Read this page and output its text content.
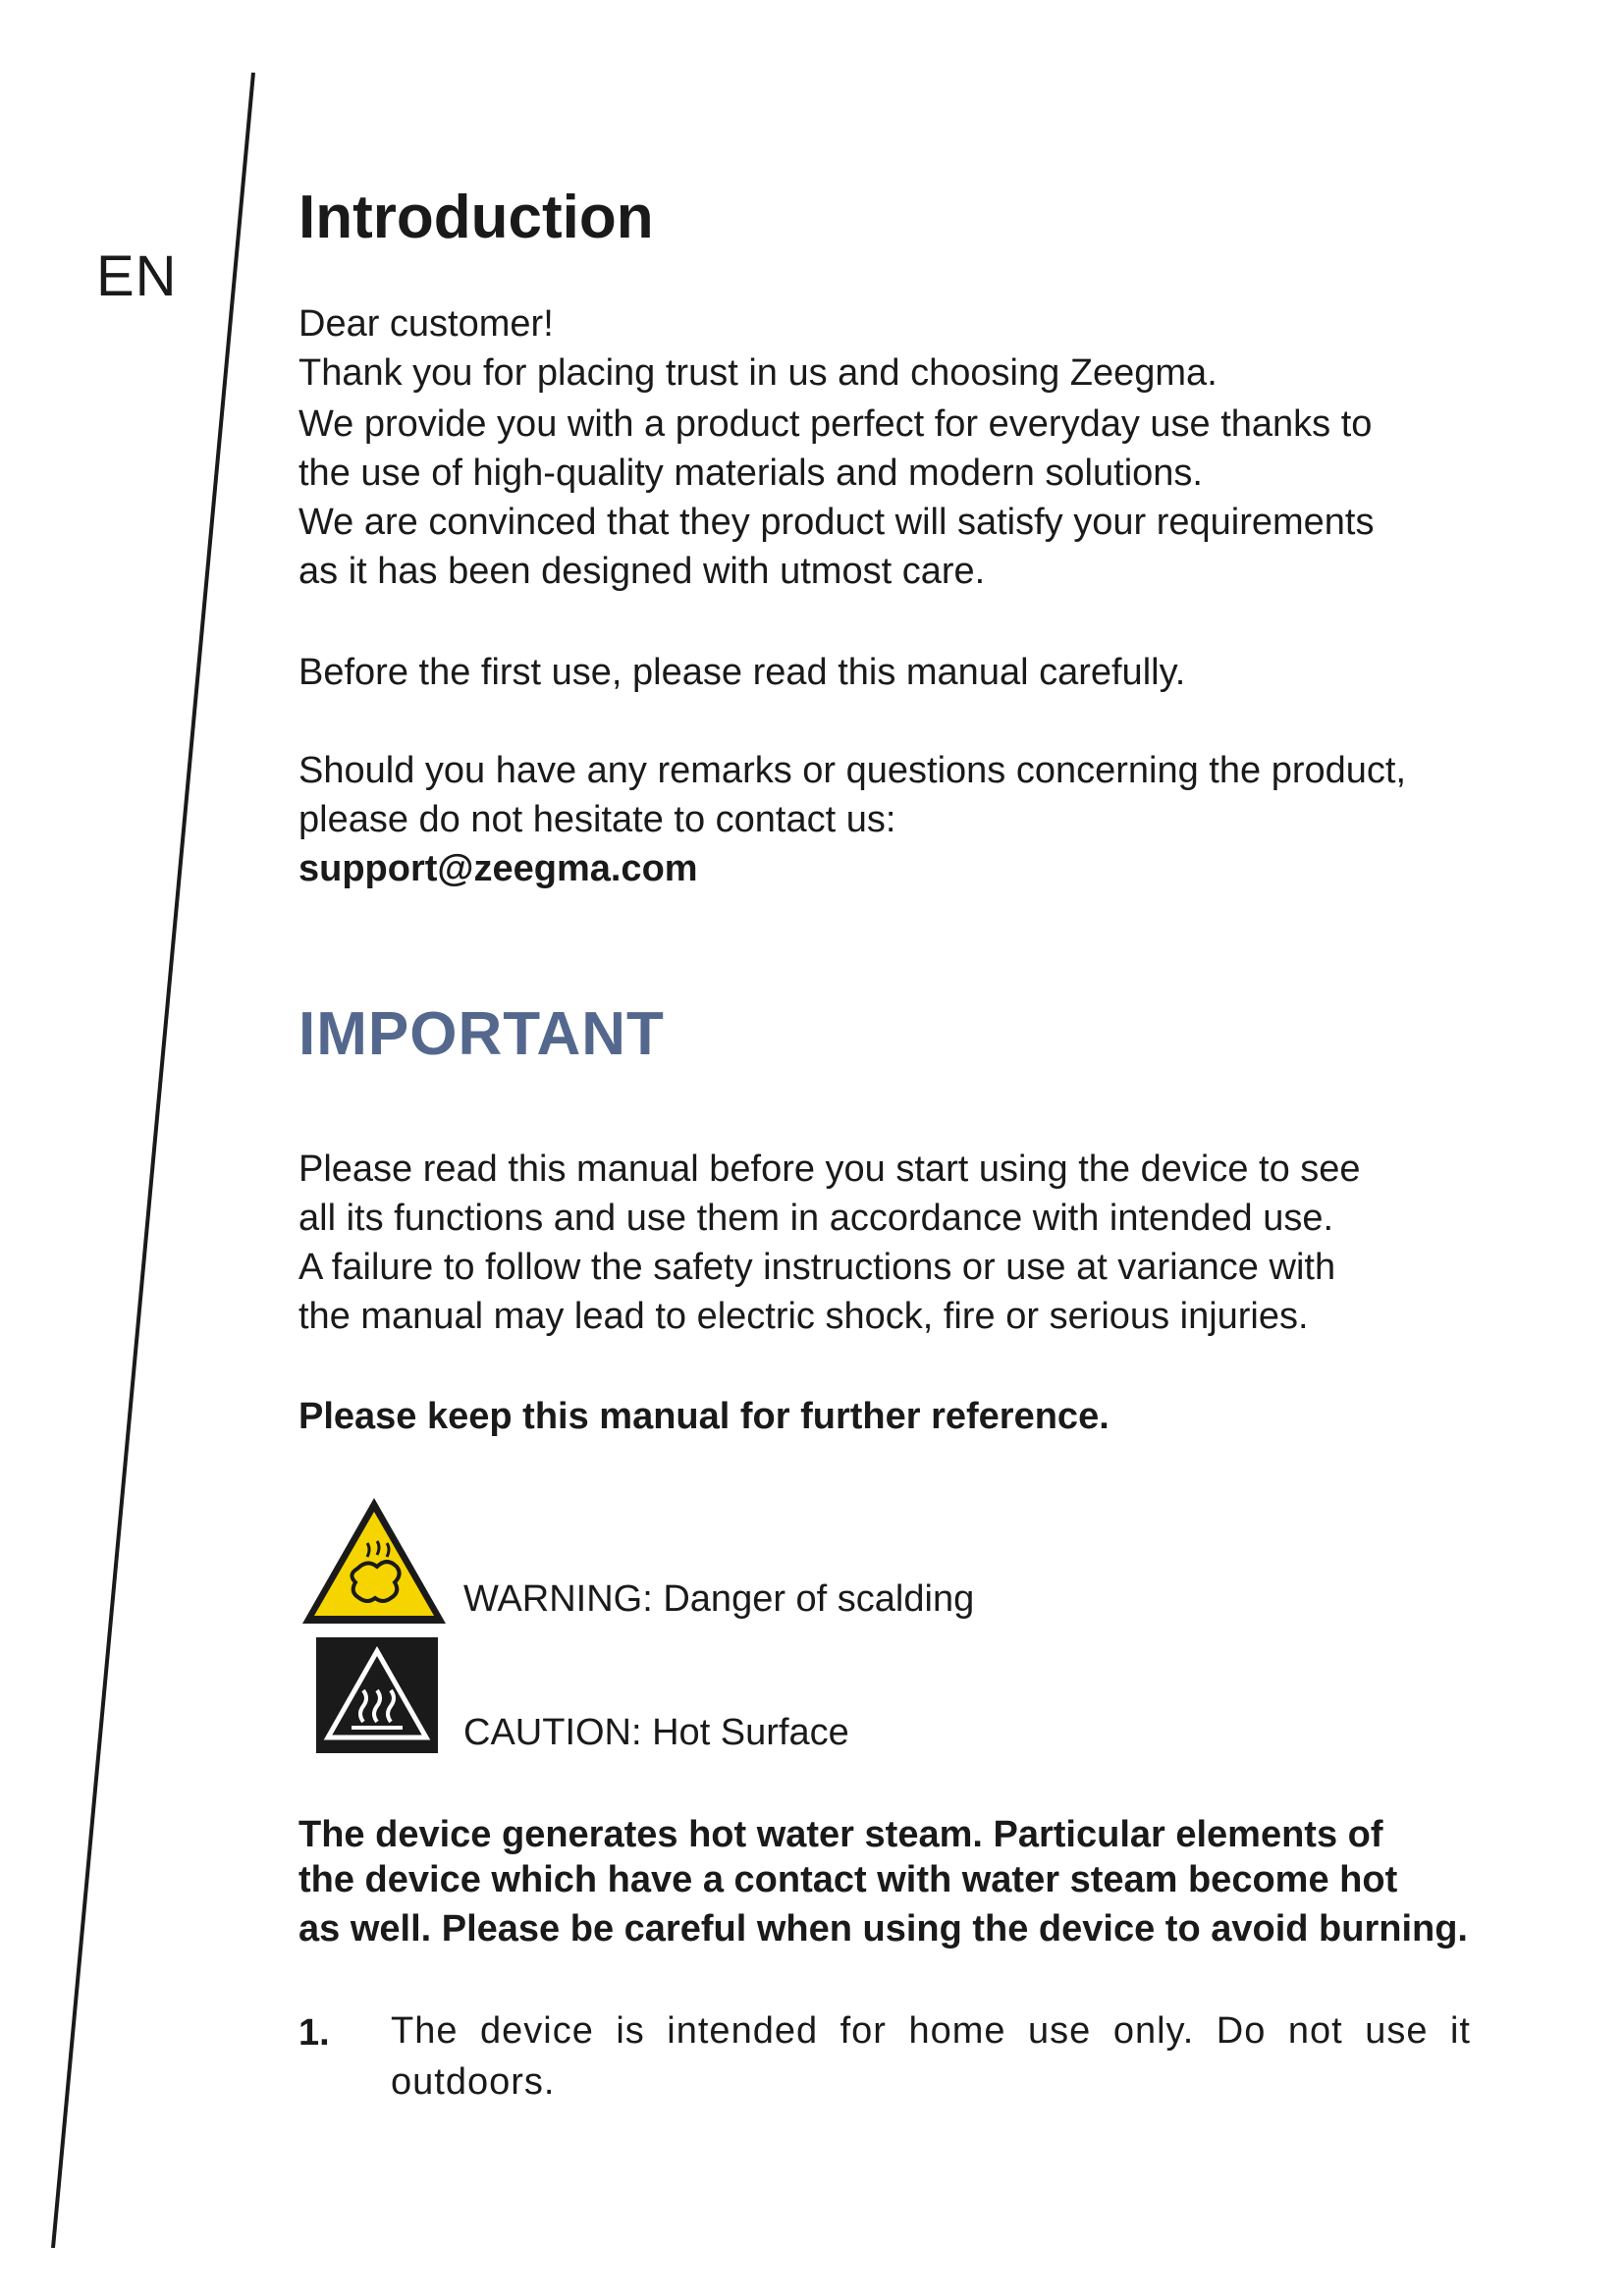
EN
Introduction
Dear customer!
Thank you for placing trust in us and choosing Zeegma.
We provide you with a product perfect for everyday use thanks to
the use of high-quality materials and modern solutions.
We are convinced that they product will satisfy your requirements
as it has been designed with utmost care.
Before the first use, please read this manual carefully.
Should you have any remarks or questions concerning the product,
please do not hesitate to contact us:
support@zeegma.com
IMPORTANT
Please read this manual before you start using the device to see
all its functions and use them in accordance with intended use.
A failure to follow the safety instructions or use at variance with
the manual may lead to electric shock, fire or serious injuries.
Please keep this manual for further reference.
WARNING: Danger of scalding
CAUTION: Hot Surface
The device generates hot water steam. Particular elements of
the device which have a contact with water steam become hot
as well. Please be careful when using the device to avoid burning.
1. The device is intended for home use only. Do not use it outdoors.
